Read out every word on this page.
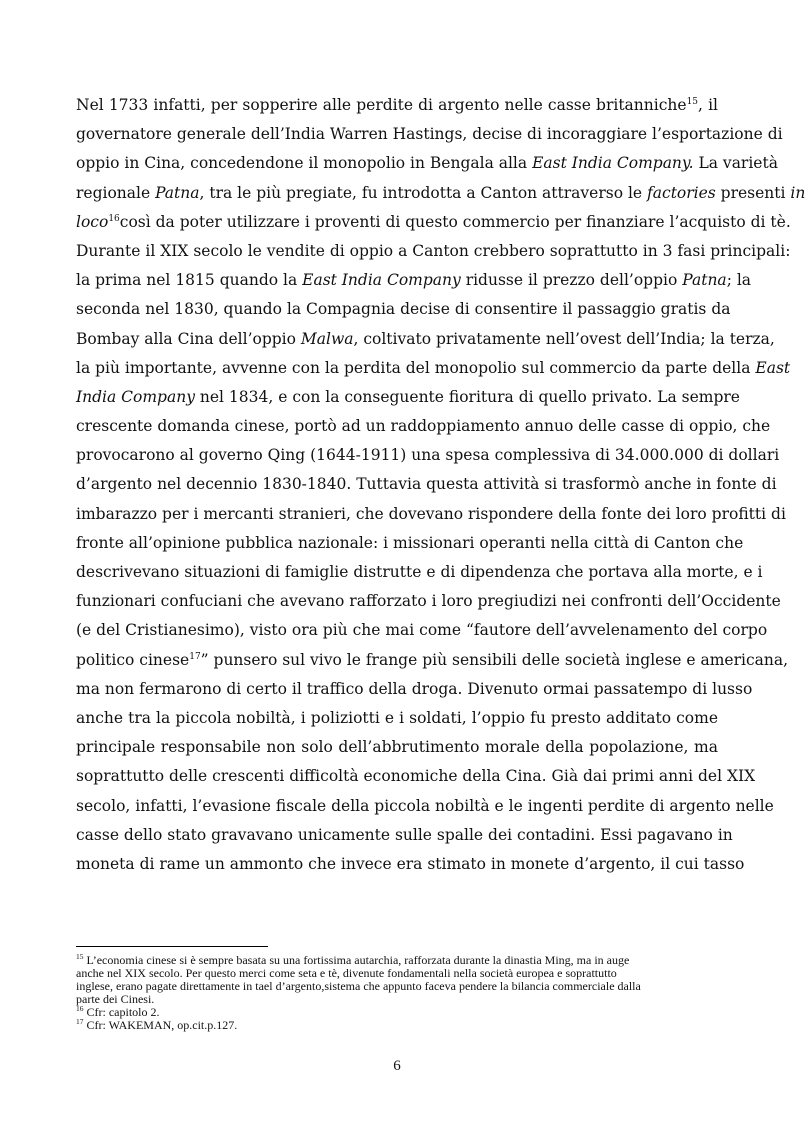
Nel 1733 infatti, per sopperire alle perdite di argento nelle casse britanniche$^{15}$, il
governatore generale dell’India Warren Hastings, decise di incoraggiare l’esportazione di
oppio in Cina, concedendone il monopolio in Bengala alla East India Company. La varietà
regionale Patna, tra le più pregiate, fu introdotta a Canton attraverso le factories presenti in
loco$^{16}$così da poter utilizzare i proventi di questo commercio per finanziare l’acquisto di tè.
Durante il XIX secolo le vendite di oppio a Canton crebbero soprattutto in 3 fasi principali:
la prima nel 1815 quando la East India Company ridusse il prezzo dell’oppio Patna; la
seconda nel 1830, quando la Compagnia decise di consentire il passaggio gratis da
Bombay alla Cina dell’oppio Malwa, coltivato privatamente nell’ovest dell’India; la terza,
la più importante, avvenne con la perdita del monopolio sul commercio da parte della East
India Company nel 1834, e con la conseguente fioritura di quello privato. La sempre
crescente domanda cinese, portò ad un raddoppiamento annuo delle casse di oppio, che
provocarono al governo Qing (1644-1911) una spesa complessiva di 34.000.000 di dollari
d’argento nel decennio 1830-1840. Tuttavia questa attività si trasformò anche in fonte di
imbarazzo per i mercanti stranieri, che dovevano rispondere della fonte dei loro profitti di
fronte all’opinione pubblica nazionale: i missionari operanti nella città di Canton che
descrivevano situazioni di famiglie distrutte e di dipendenza che portava alla morte, e i
funzionari confuciani che avevano rafforzato i loro pregiudizi nei confronti dell’Occidente
(e del Cristianesimo), visto ora più che mai come “fautore dell’avvelenamento del corpo
politico cinese$^{17}$” punsero sul vivo le frange più sensibili delle società inglese e americana,
ma non fermarono di certo il traffico della droga. Divenuto ormai passatempo di lusso
anche tra la piccola nobiltà, i poliziotti e i soldati, l’oppio fu presto additato come
principale responsabile non solo dell’abbrutimento morale della popolazione, ma
soprattutto delle crescenti difficoltà economiche della Cina. Già dai primi anni del XIX
secolo, infatti, l’evasione fiscale della piccola nobiltà e le ingenti perdite di argento nelle
casse dello stato gravavano unicamente sulle spalle dei contadini. Essi pagavano in
moneta di rame un ammonto che invece era stimato in monete d’argento, il cui tasso
$^{15}$ L’economia cinese si è sempre basata su una fortissima autarchia, rafforzata durante la dinastia Ming, ma in auge
anche nel XIX secolo. Per questo merci come seta e tè, divenute fondamentali nella società europea e soprattutto
inglese, erano pagate direttamente in tael d’argento,sistema che appunto faceva pendere la bilancia commerciale dalla
parte dei Cinesi.
$^{16}$ Cfr: capitolo 2.
$^{17}$ Cfr: WAKEMAN, op.cit.p.127.
6
